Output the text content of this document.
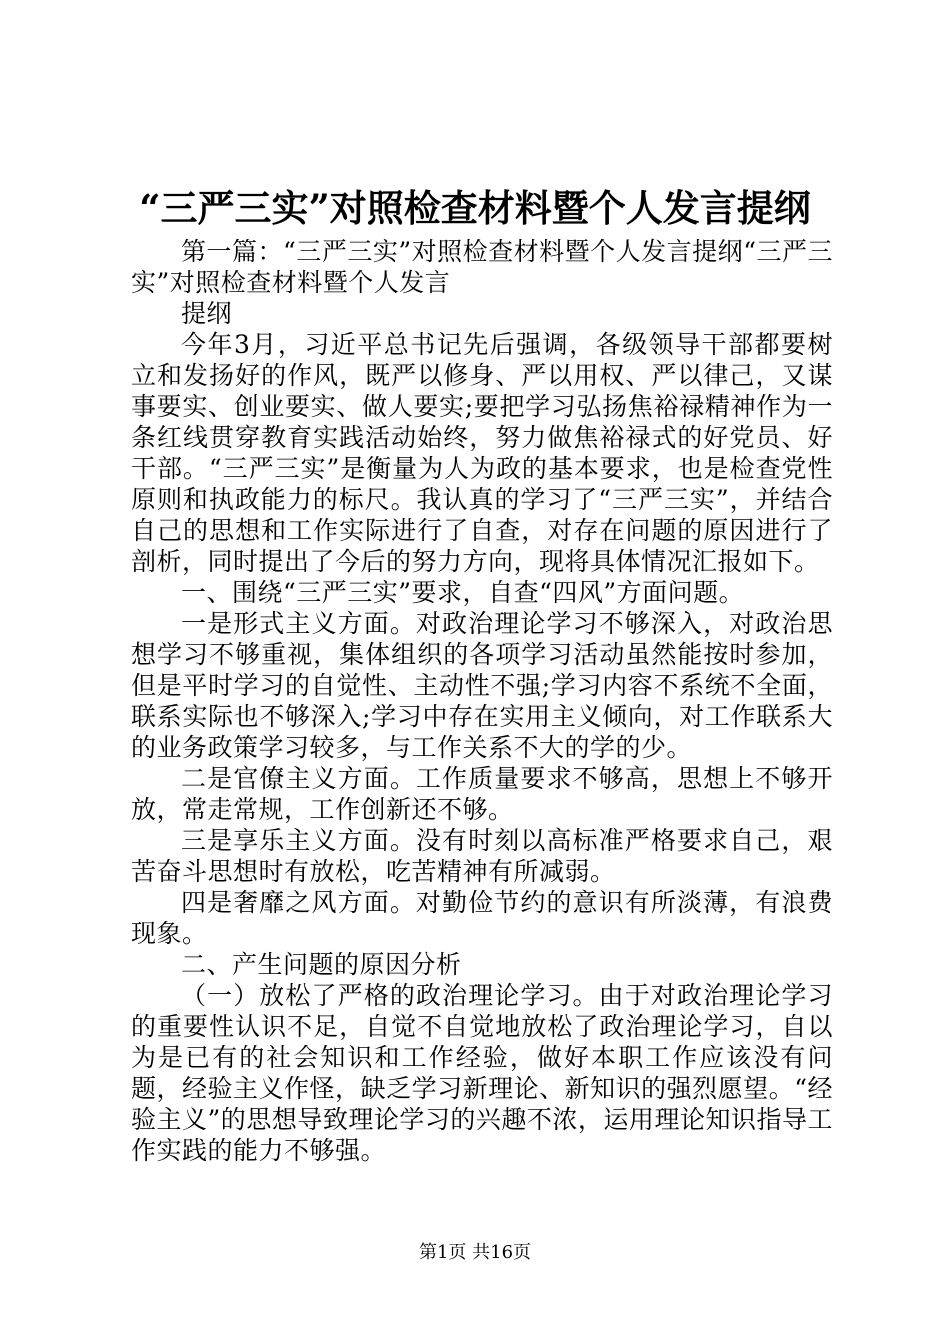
“三严三实”对照检查材料暨个人发言提纲

第一篇：“三严三实”对照检查材料暨个人发言提纲“三严三实”对照检查材料暨个人发言

提纲

今年3月，习近平总书记先后强调，各级领导干部都要树立和发扬好的作风，既严以修身、严以用权、严以律己，又谋事要实、创业要实、做人要实;要把学习弘扬焦裕禄精神作为一条红线贯穿教育实践活动始终，努力做焦裕禄式的好党员、好干部。“三严三实”是衡量为人为政的基本要求，也是检查党性原则和执政能力的标尺。我认真的学习了“三严三实”，并结合自己的思想和工作实际进行了自查，对存在问题的原因进行了剖析，同时提出了今后的努力方向，现将具体情况汇报如下。

一、围绕“三严三实”要求，自查“四风”方面问题。

一是形式主义方面。对政治理论学习不够深入，对政治思想学习不够重视，集体组织的各项学习活动虽然能按时参加，但是平时学习的自觉性、主动性不强;学习内容不系统不全面，联系实际也不够深入;学习中存在实用主义倾向，对工作联系大的业务政策学习较多，与工作关系不大的学的少。

二是官僚主义方面。工作质量要求不够高，思想上不够开放，常走常规，工作创新还不够。

三是享乐主义方面。没有时刻以高标准严格要求自己，艰苦奋斗思想时有放松，吃苦精神有所减弱。

四是奢靡之风方面。对勤俭节约的意识有所淡薄，有浪费现象。

二、产生问题的原因分析

（一）放松了严格的政治理论学习。由于对政治理论学习的重要性认识不足，自觉不自觉地放松了政治理论学习，自以为是已有的社会知识和工作经验，做好本职工作应该没有问题，经验主义作怪，缺乏学习新理论、新知识的强烈愿望。“经验主义”的思想导致理论学习的兴趣不浓，运用理论知识指导工作实践的能力不够强。

第1页 共16页
